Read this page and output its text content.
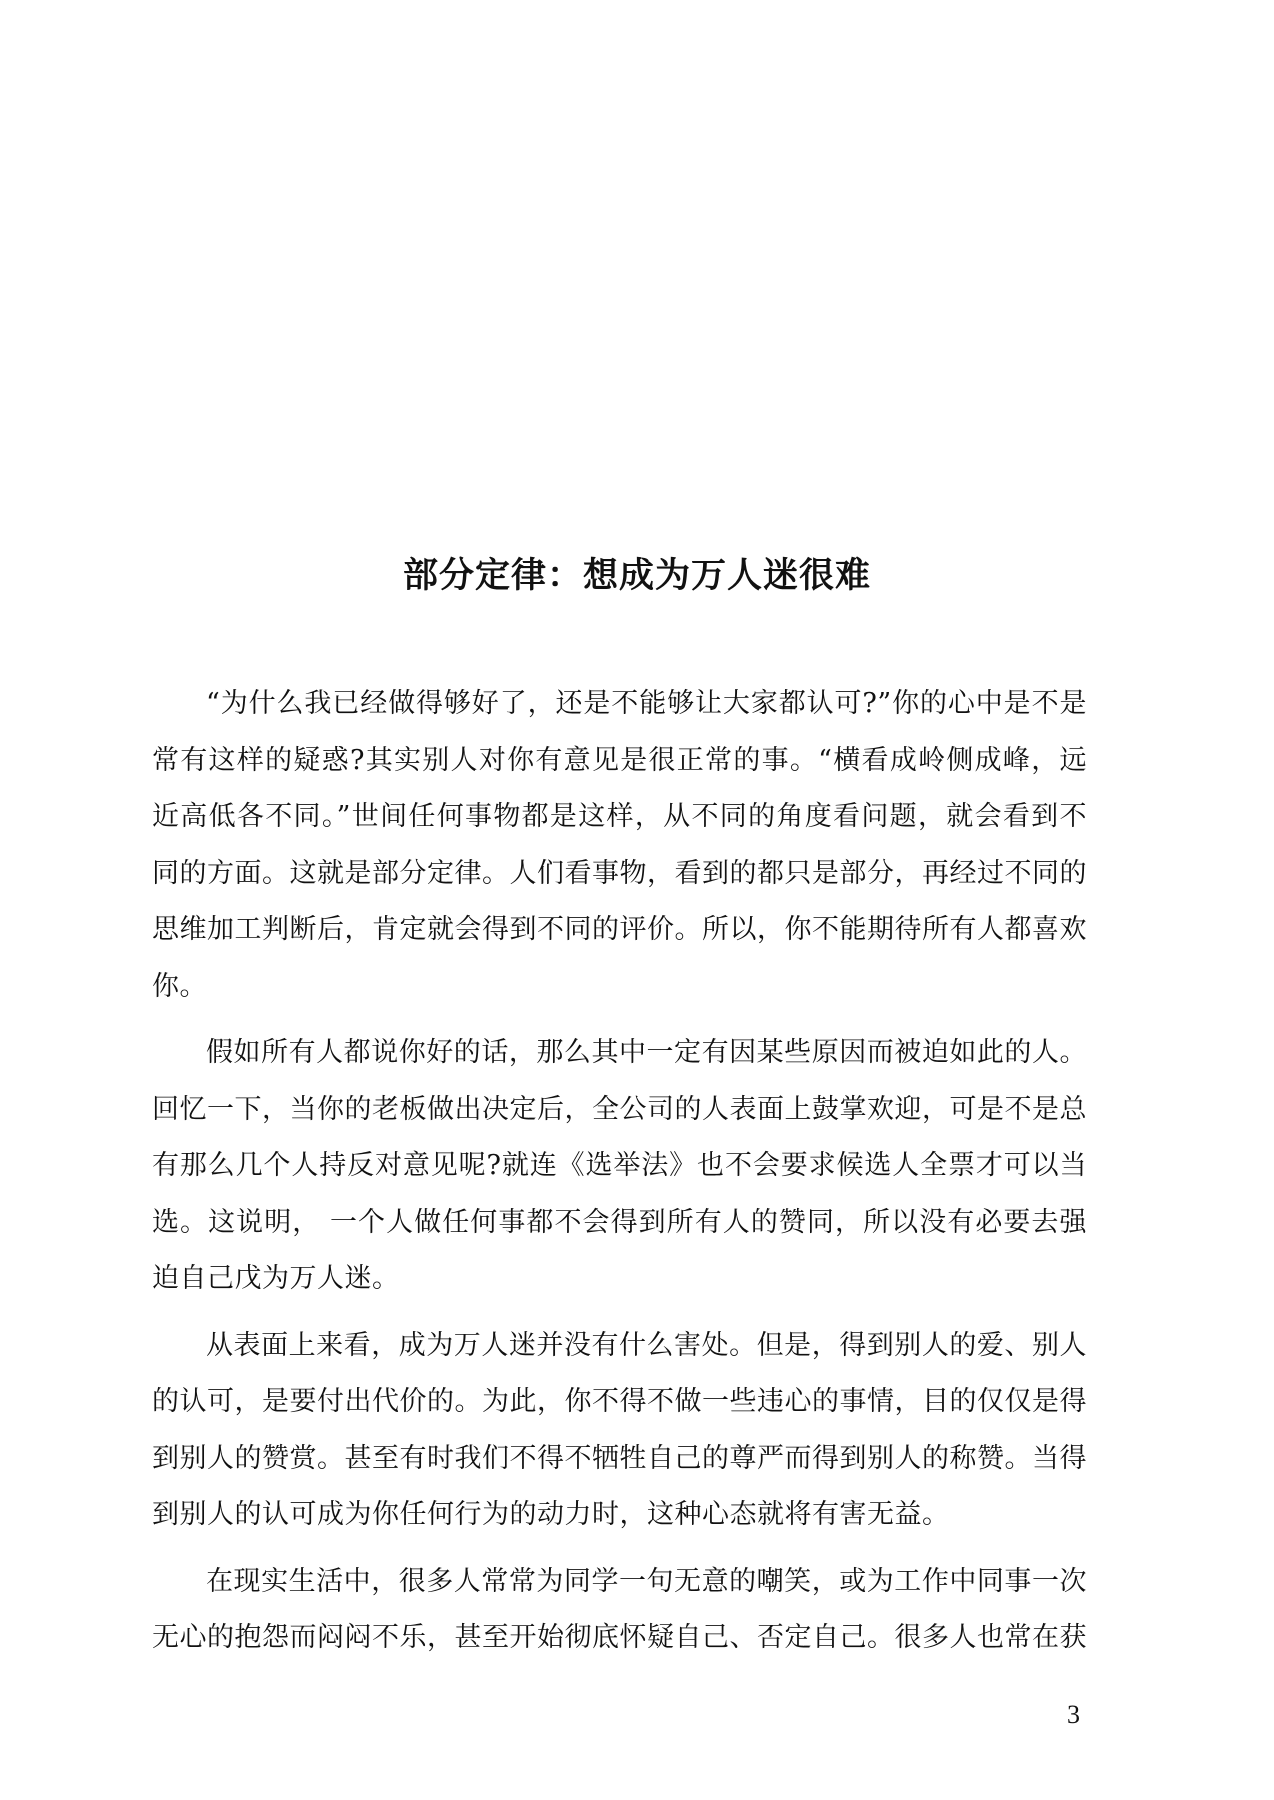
部分定律：想成为万人迷很难

“为什么我已经做得够好了，还是不能够让大家都认可?”你的心中是不是常有这样的疑惑?其实别人对你有意见是很正常的事。“横看成岭侧成峰，远近高低各不同。”世间任何事物都是这样，从不同的角度看问题，就会看到不同的方面。这就是部分定律。人们看事物，看到的都只是部分，再经过不同的思维加工判断后，肯定就会得到不同的评价。所以，你不能期待所有人都喜欢你。

假如所有人都说你好的话，那么其中一定有因某些原因而被迫如此的人。回忆一下，当你的老板做出决定后，全公司的人表面上鼓掌欢迎，可是不是总有那么几个人持反对意见呢?就连《选举法》也不会要求候选人全票才可以当选。这说明， 一个人做任何事都不会得到所有人的赞同，所以没有必要去强迫自己戊为万人迷。

从表面上来看，成为万人迷并没有什么害处。但是，得到别人的爱、别人的认可，是要付出代价的。为此，你不得不做一些违心的事情，目的仅仅是得到别人的赞赏。甚至有时我们不得不牺牲自己的尊严而得到别人的称赞。当得到别人的认可成为你任何行为的动力时，这种心态就将有害无益。

在现实生活中，很多人常常为同学一句无意的嘲笑，或为工作中同事一次无心的抱怨而闷闷不乐，甚至开始彻底怀疑自己、否定自己。很多人也常在获

3
